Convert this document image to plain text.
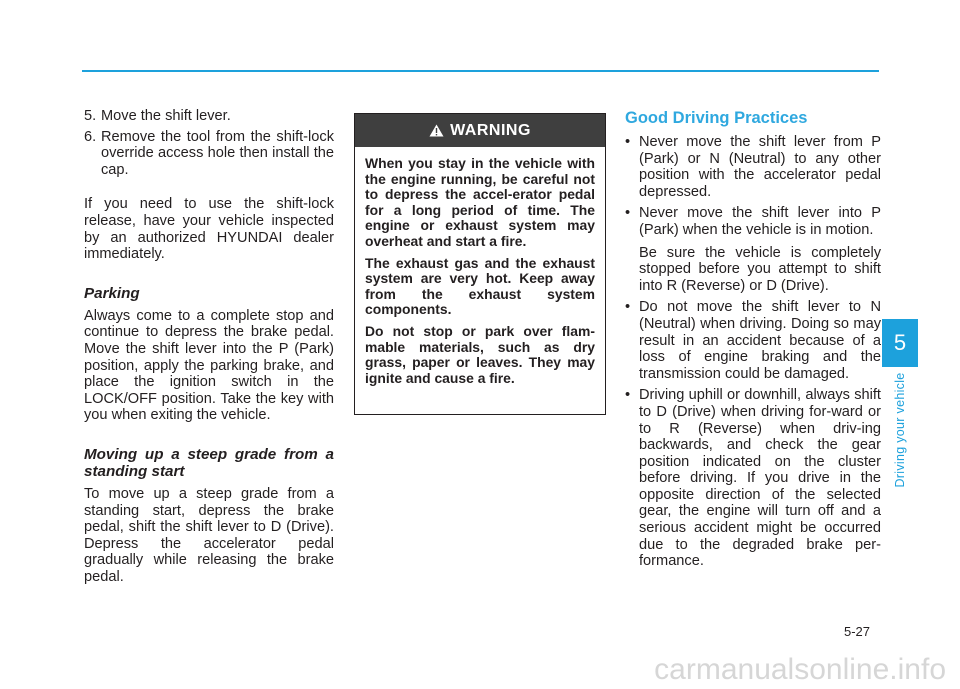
5. Move the shift lever.
6. Remove the tool from the shift-lock override access hole then install the cap.

If you need to use the shift-lock release, have your vehicle inspected by an authorized HYUNDAI dealer immediately.

Parking

Always come to a complete stop and continue to depress the brake pedal. Move the shift lever into the P (Park) position, apply the parking brake, and place the ignition switch in the LOCK/OFF position. Take the key with you when exiting the vehicle.

Moving up a steep grade from a standing start

To move up a steep grade from a standing start, depress the brake pedal, shift the shift lever to D (Drive). Depress the accelerator pedal gradually while releasing the brake pedal.

WARNING

When you stay in the vehicle with the engine running, be careful not to depress the accel-erator pedal for a long period of time. The engine or exhaust system may overheat and start a fire.

The exhaust gas and the exhaust system are very hot. Keep away from the exhaust system components.

Do not stop or park over flam-mable materials, such as dry grass, paper or leaves. They may ignite and cause a fire.

Good Driving Practices
• Never move the shift lever from P (Park) or N (Neutral) to any other position with the accelerator pedal depressed.

• Never move the shift lever into P (Park) when the vehicle is in motion.

Be sure the vehicle is completely stopped before you attempt to shift into R (Reverse) or D (Drive).

• Do not move the shift lever to N (Neutral) when driving. Doing so may result in an accident because of a loss of engine braking and the transmission could be damaged.

• Driving uphill or downhill, always shift to D (Drive) when driving for-ward or to R (Reverse) when driv-ing backwards, and check the gear position indicated on the cluster before driving. If you drive in the opposite direction of the selected gear, the engine will turn off and a serious accident might be occurred due to the degraded brake per-formance.

5
Driving your vehicle
5-27
carmanualsonline.info
